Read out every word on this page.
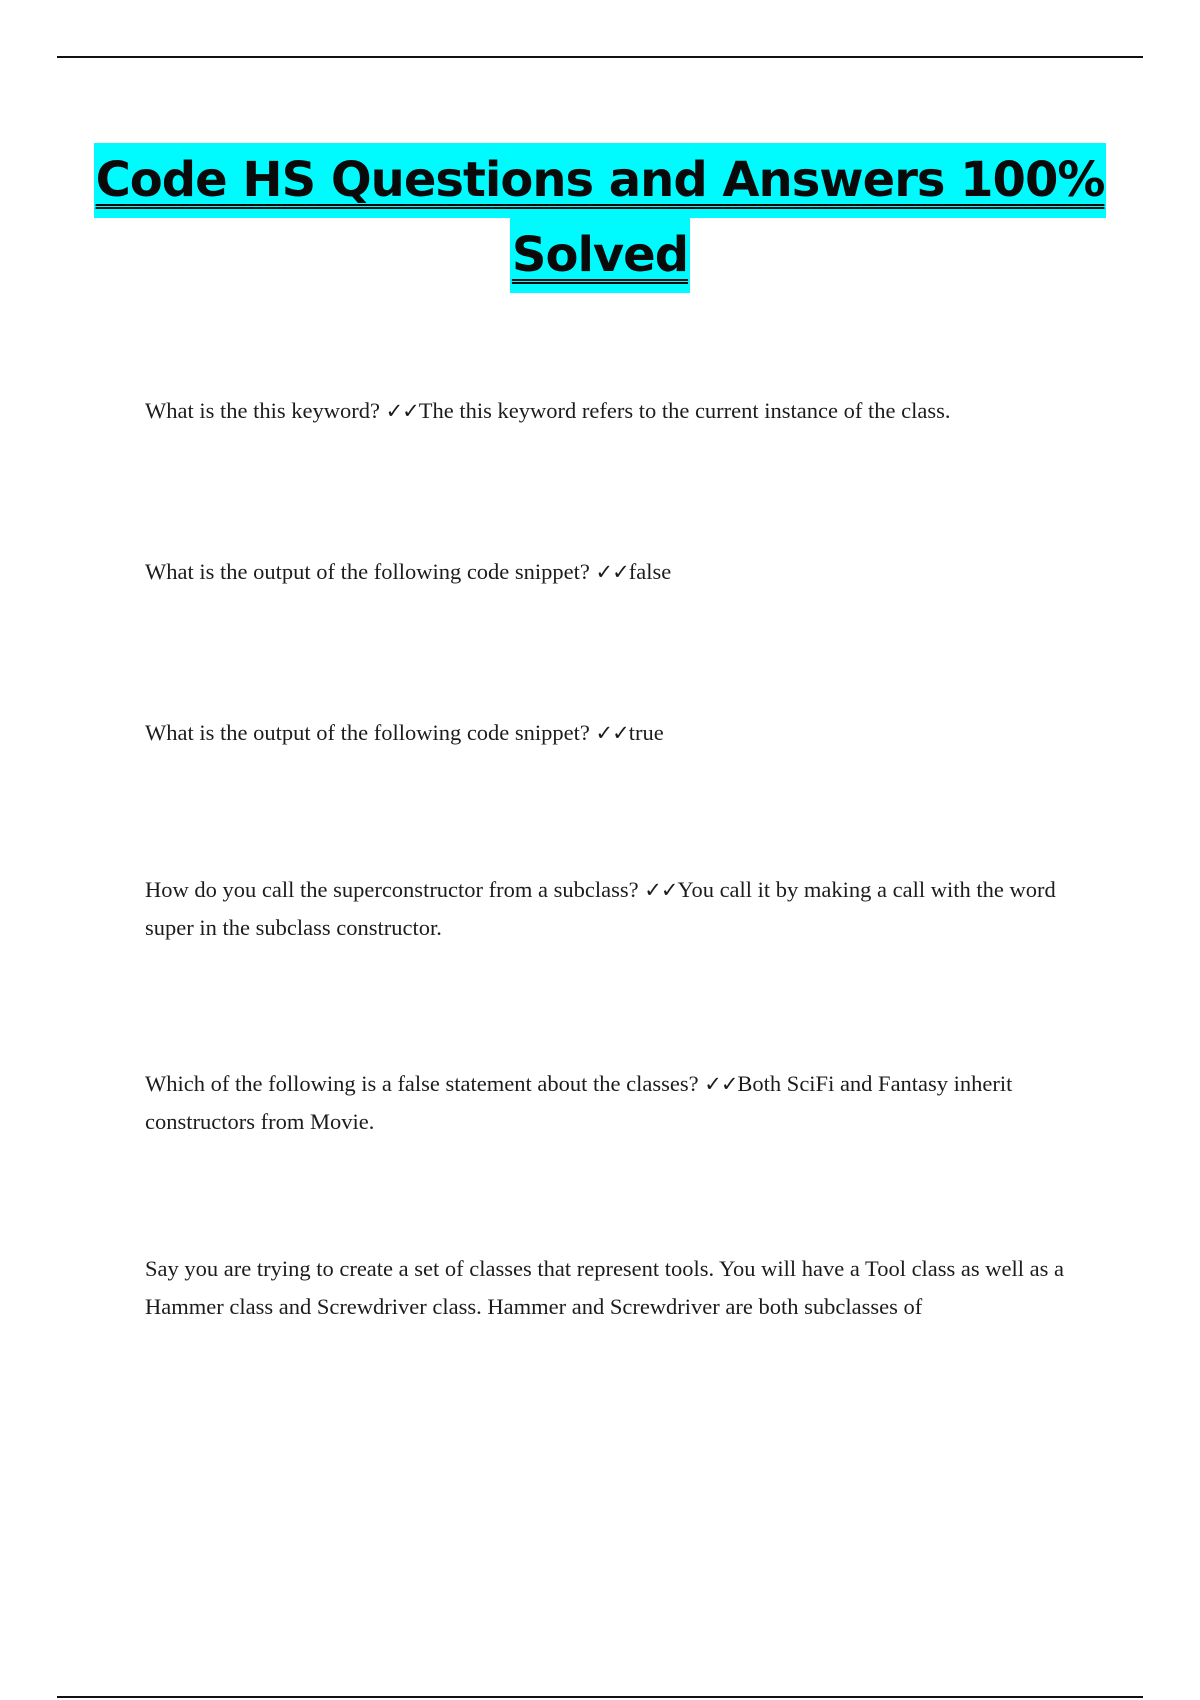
Code HS Questions and Answers 100%
Solved
What is the this keyword? ✓✓The this keyword refers to the current instance of the class.
What is the output of the following code snippet? ✓✓false
What is the output of the following code snippet? ✓✓true
How do you call the superconstructor from a subclass? ✓✓You call it by making a call with the word super in the subclass constructor.
Which of the following is a false statement about the classes? ✓✓Both SciFi and Fantasy inherit constructors from Movie.
Say you are trying to create a set of classes that represent tools. You will have a Tool class as well as a Hammer class and Screwdriver class. Hammer and Screwdriver are both subclasses of
